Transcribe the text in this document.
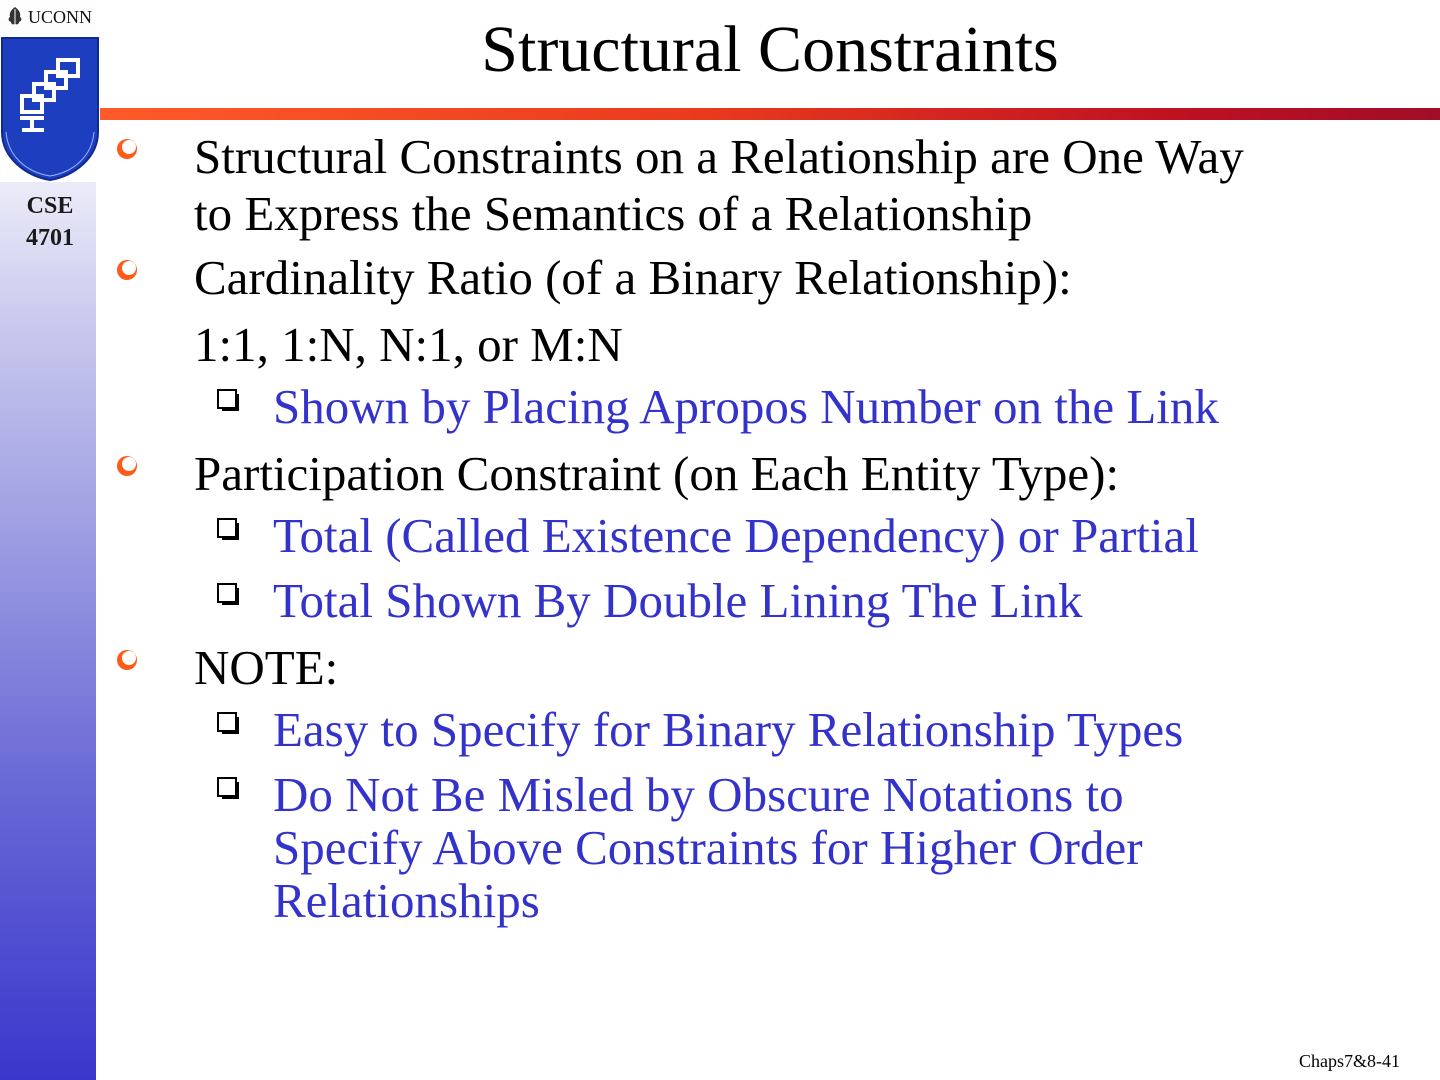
UCONN
CSE
4701
Structural Constraints
Structural Constraints on a Relationship are One Way
to Express the Semantics of a Relationship
Cardinality Ratio (of a Binary Relationship):
1:1, 1:N, N:1, or M:N
Shown by Placing Apropos Number on the Link
Participation Constraint (on Each Entity Type):
Total (Called Existence Dependency) or Partial
Total Shown By Double Lining The Link
NOTE:
Easy to Specify for Binary Relationship Types
Do Not Be Misled by Obscure Notations to Specify Above Constraints for Higher Order Relationships
Chaps7&8-41
